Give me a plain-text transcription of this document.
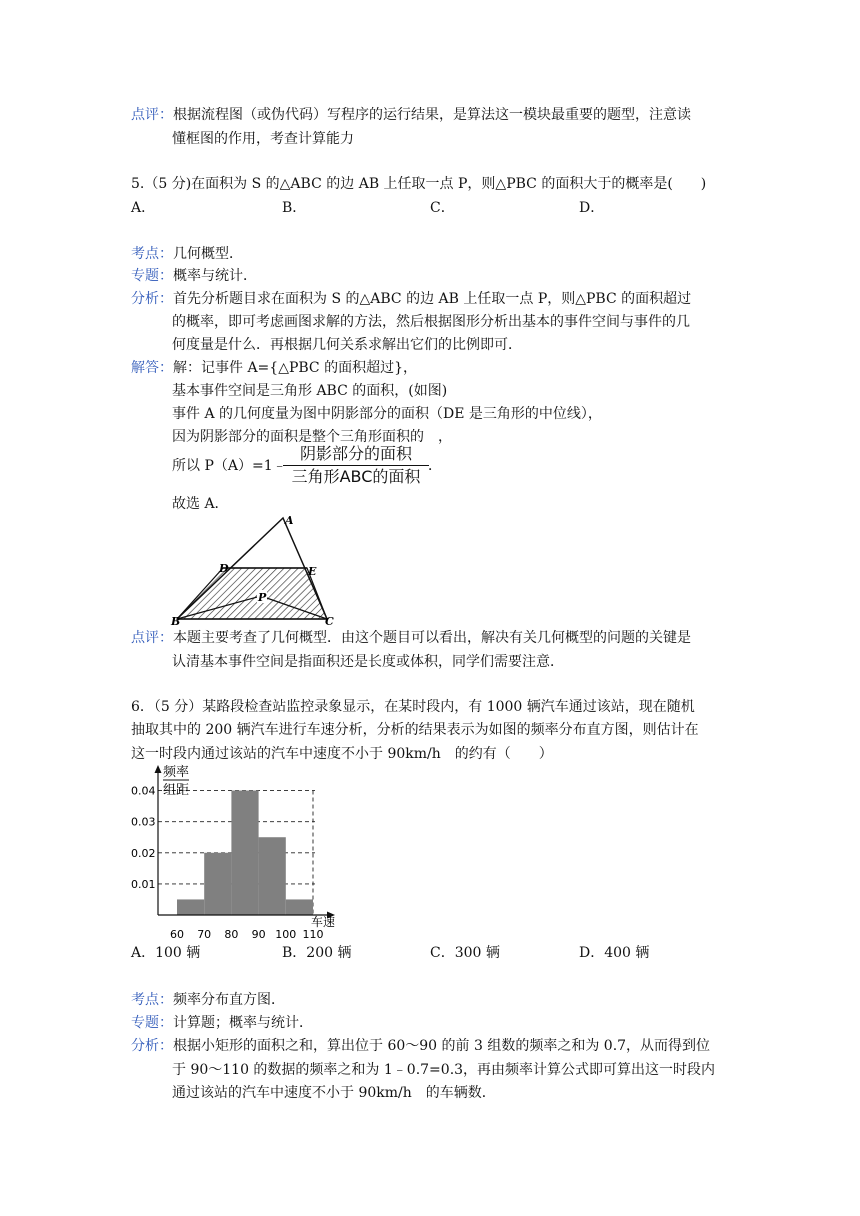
点评：根据流程图（或伪代码）写程序的运行结果，是算法这一模块最重要的题型，注意读
懂框图的作用，考查计算能力
5.（5 分)在面积为 S 的△ABC 的边 AB 上任取一点 P，则△PBC 的面积大于的概率是(　　)
A．	B．	C．	D．
考点：几何概型．
专题：概率与统计．
分析：首先分析题目求在面积为 S 的△ABC 的边 AB 上任取一点 P，则△PBC 的面积超过
的概率，即可考虑画图求解的方法，然后根据图形分析出基本的事件空间与事件的几
何度量是什么．再根据几何关系求解出它们的比例即可．
解答：解：记事件 A={△PBC 的面积超过}，
基本事件空间是三角形 ABC 的面积，(如图)
事件 A 的几何度量为图中阴影部分的面积（DE 是三角形的中位线），
因为阴影部分的面积是整个三角形面积的　，
所以 P（A）=1﹣
阴影部分的面积
三角形ABC的面积
．
故选 A．
A
D	E
P
B	C
点评：本题主要考查了几何概型．由这个题目可以看出，解决有关几何概型的问题的关键是
认清基本事件空间是指面积还是长度或体积，同学们需要注意．
6．（5 分）某路段检查站监控录象显示，在某时段内，有 1000 辆汽车通过该站，现在随机
抽取其中的 200 辆汽车进行车速分析，分析的结果表示为如图的频率分布直方图，则估计在
这一时段内通过该站的汽车中速度不小于 90km/h　的约有（　　）
频率
组距
车速
0.01
0.02
0.03
0.04
60 70 80 90 100 110
A．100 辆	B．200 辆	C．300 辆	D．400 辆
考点：频率分布直方图．
专题：计算题；概率与统计．
分析：根据小矩形的面积之和，算出位于 60～90 的前 3 组数的频率之和为 0.7，从而得到位
于 90～110 的数据的频率之和为 1﹣0.7=0.3，再由频率计算公式即可算出这一时段内
通过该站的汽车中速度不小于 90km/h　的车辆数．
